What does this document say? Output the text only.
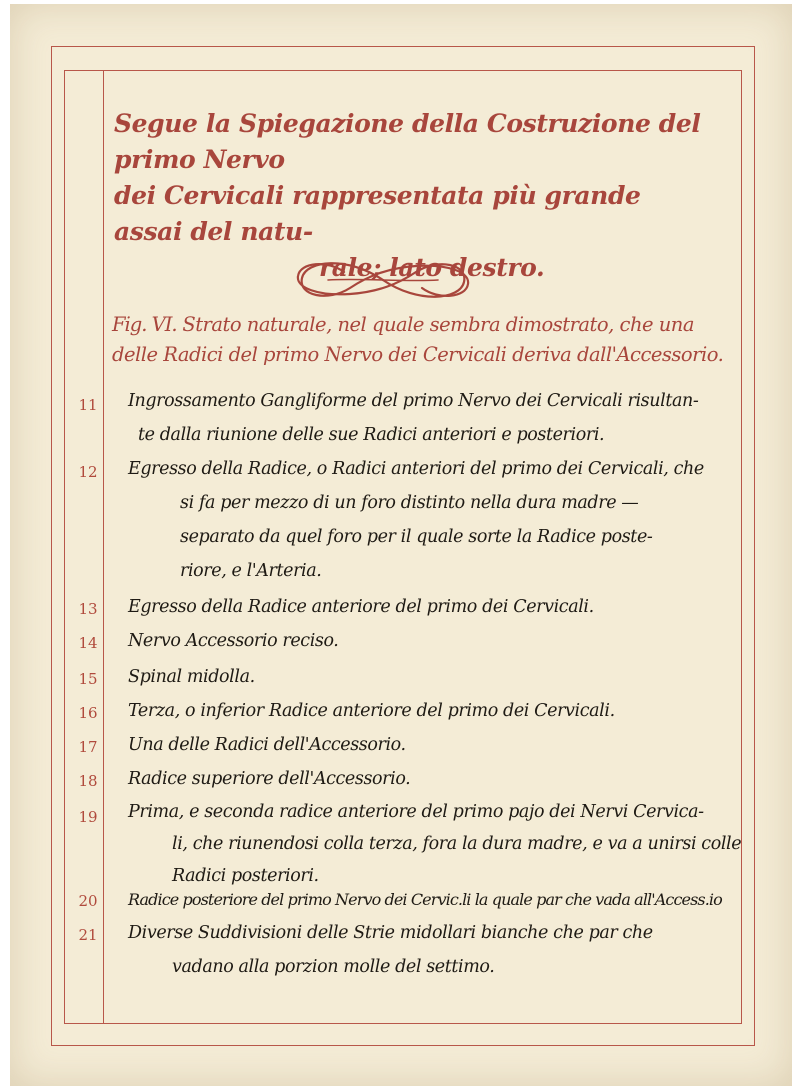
Segue la Spiegazione della Costruzione del primo Nervo
dei Cervicali rappresentata più grande assai del natu-
rale; lato destro.

Fig. VI. Strato naturale, nel quale sembra dimostrato, che una
delle Radici del primo Nervo dei Cervicali deriva dall'Accessorio.

11 Ingrossamento Gangliforme del primo Nervo dei Cervicali risultan-
te dalla riunione delle sue Radici anteriori e posteriori.

12 Egresso della Radice, o Radici anteriori del primo dei Cervicali, che
si fa per mezzo di un foro distinto nella dura madre —
separato da quel foro per il quale sorte la Radice poste-
riore, e l'Arteria.

13 Egresso della Radice anteriore del primo dei Cervicali.

14 Nervo Accessorio reciso.

15 Spinal midolla.

16 Terza, o inferior Radice anteriore del primo dei Cervicali.

17 Una delle Radici dell'Accessorio.

18 Radice superiore dell'Accessorio.

19 Prima, e seconda radice anteriore del primo pajo dei Nervi Cervica-
li, che riunendosi colla terza, fora la dura madre, e va a unirsi colle
Radici posteriori.

20 Radice posteriore del primo Nervo dei Cervic.li la quale par che vada all'Access.io

21 Diverse Suddivisioni delle Strie midollari bianche che par che
vadano alla porzion molle del settimo.
